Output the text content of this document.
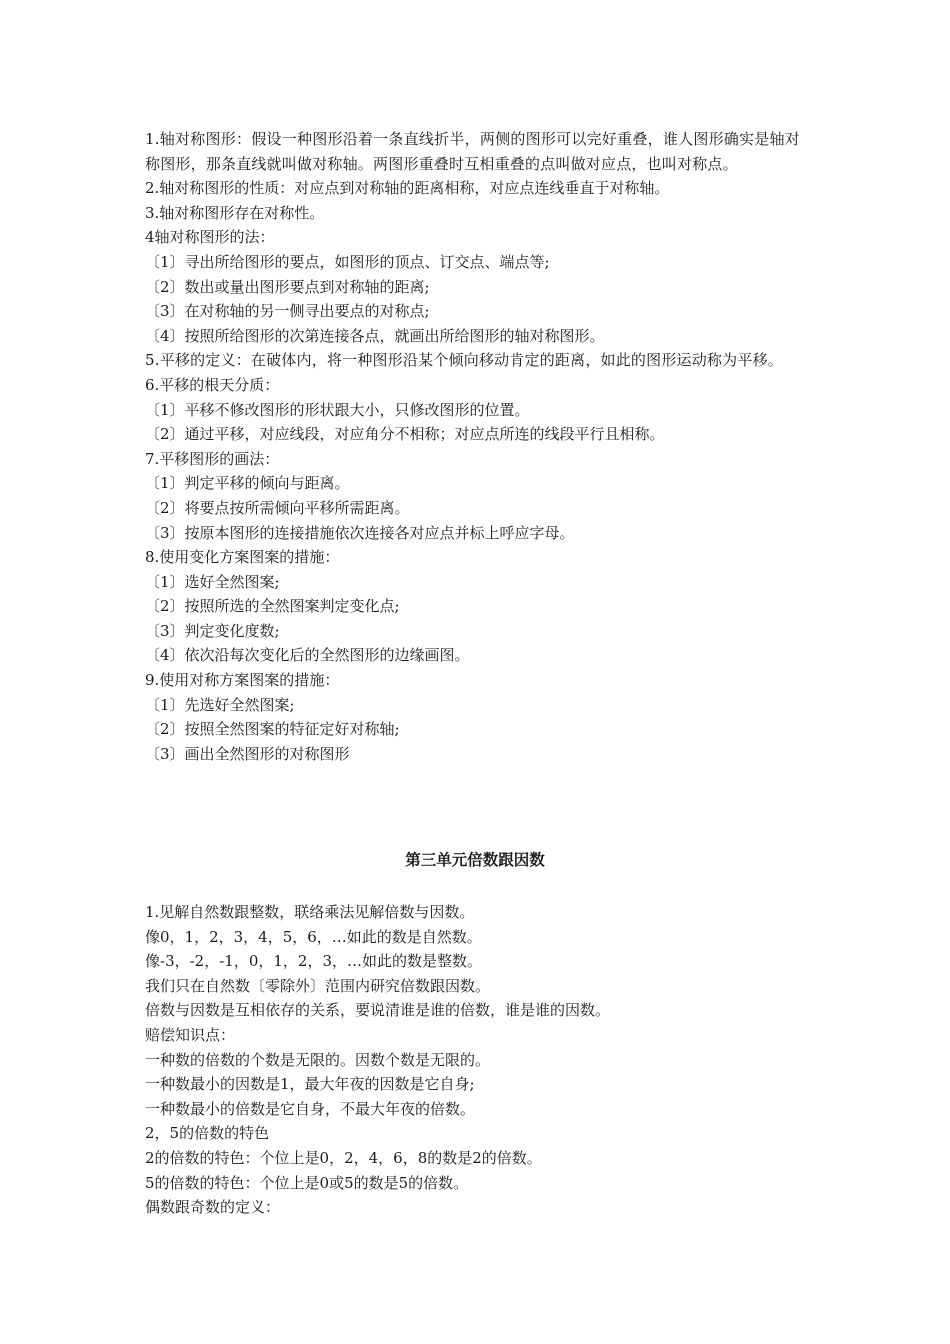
1.轴对称图形：假设一种图形沿着一条直线折半，两侧的图形可以完好重叠，谁人图形确实是轴对称图形，那条直线就叫做对称轴。两图形重叠时互相重叠的点叫做对应点，也叫对称点。

2.轴对称图形的性质：对应点到对称轴的距离相称，对应点连线垂直于对称轴。

3.轴对称图形存在对称性。

4轴对称图形的法：

〔1〕寻出所给图形的要点，如图形的顶点、订交点、端点等;

〔2〕数出或量出图形要点到对称轴的距离;

〔3〕在对称轴的另一侧寻出要点的对称点;

〔4〕按照所给图形的次第连接各点，就画出所给图形的轴对称图形。

5.平移的定义：在破体内，将一种图形沿某个倾向移动肯定的距离，如此的图形运动称为平移。

6.平移的根天分质：

〔1〕平移不修改图形的形状跟大小，只修改图形的位置。

〔2〕通过平移，对应线段，对应角分不相称；对应点所连的线段平行且相称。

7.平移图形的画法：

〔1〕判定平移的倾向与距离。

〔2〕将要点按所需倾向平移所需距离。

〔3〕按原本图形的连接措施依次连接各对应点并标上呼应字母。

8.使用变化方案图案的措施：

〔1〕选好全然图案;

〔2〕按照所选的全然图案判定变化点;

〔3〕判定变化度数;

〔4〕依次沿每次变化后的全然图形的边缘画图。

9.使用对称方案图案的措施：

〔1〕先选好全然图案;

〔2〕按照全然图案的特征定好对称轴;

〔3〕画出全然图形的对称图形

第三单元倍数跟因数

1.见解自然数跟整数，联络乘法见解倍数与因数。

像0，1，2，3，4，5，6，…如此的数是自然数。

像-3，-2，-1，0，1，2，3，…如此的数是整数。

我们只在自然数〔零除外〕范围内研究倍数跟因数。

倍数与因数是互相依存的关系，要说清谁是谁的倍数，谁是谁的因数。

赔偿知识点：

一种数的倍数的个数是无限的。因数个数是无限的。

一种数最小的因数是1，最大年夜的因数是它自身;

一种数最小的倍数是它自身，不最大年夜的倍数。

2，5的倍数的特色

2的倍数的特色：个位上是0，2，4，6，8的数是2的倍数。

5的倍数的特色：个位上是0或5的数是5的倍数。

偶数跟奇数的定义：
